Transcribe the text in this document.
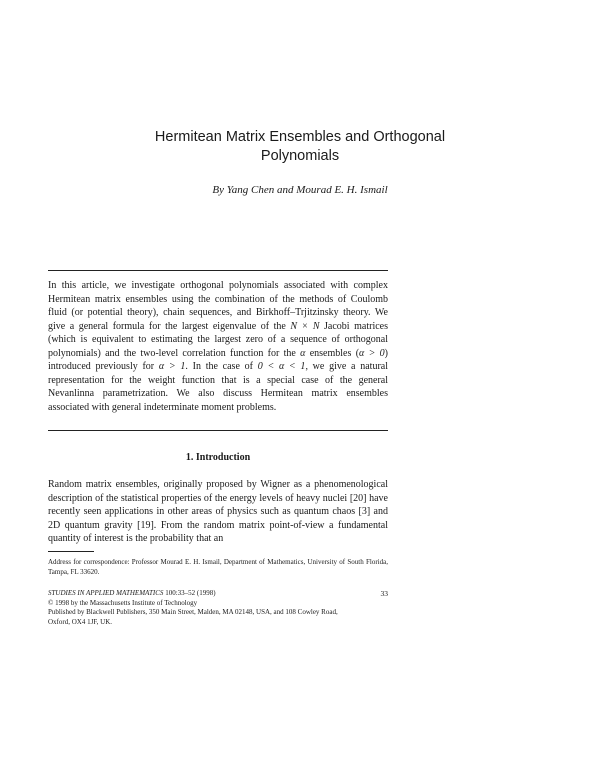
Hermitean Matrix Ensembles and Orthogonal
Polynomials
By Yang Chen and Mourad E. H. Ismail

In this article, we investigate orthogonal polynomials associated with complex Hermitean matrix ensembles using the combination of the methods of Coulomb fluid (or potential theory), chain sequences, and Birkhoff–Trjitzinsky theory. We give a general formula for the largest eigenvalue of the N × N Jacobi matrices (which is equivalent to estimating the largest zero of a sequence of orthogonal polynomials) and the two-level correlation function for the α ensembles (α > 0) introduced previously for α > 1. In the case of 0 < α < 1, we give a natural representation for the weight function that is a special case of the general Nevanlinna parametrization. We also discuss Hermitean matrix ensembles associated with general indeterminate moment problems.

1. Introduction

Random matrix ensembles, originally proposed by Wigner as a phenomenological description of the statistical properties of the energy levels of heavy nuclei [20] have recently seen applications in other areas of physics such as quantum chaos [3] and 2D quantum gravity [19]. From the random matrix point-of-view a fundamental quantity of interest is the probability that an

Address for correspondence: Professor Mourad E. H. Ismail, Department of Mathematics, University of South Florida, Tampa, FL 33620.

STUDIES IN APPLIED MATHEMATICS 100:33–52 (1998)	33
© 1998 by the Massachusetts Institute of Technology
Published by Blackwell Publishers, 350 Main Street, Malden, MA 02148, USA, and 108 Cowley Road,
Oxford, OX4 1JF, UK.
